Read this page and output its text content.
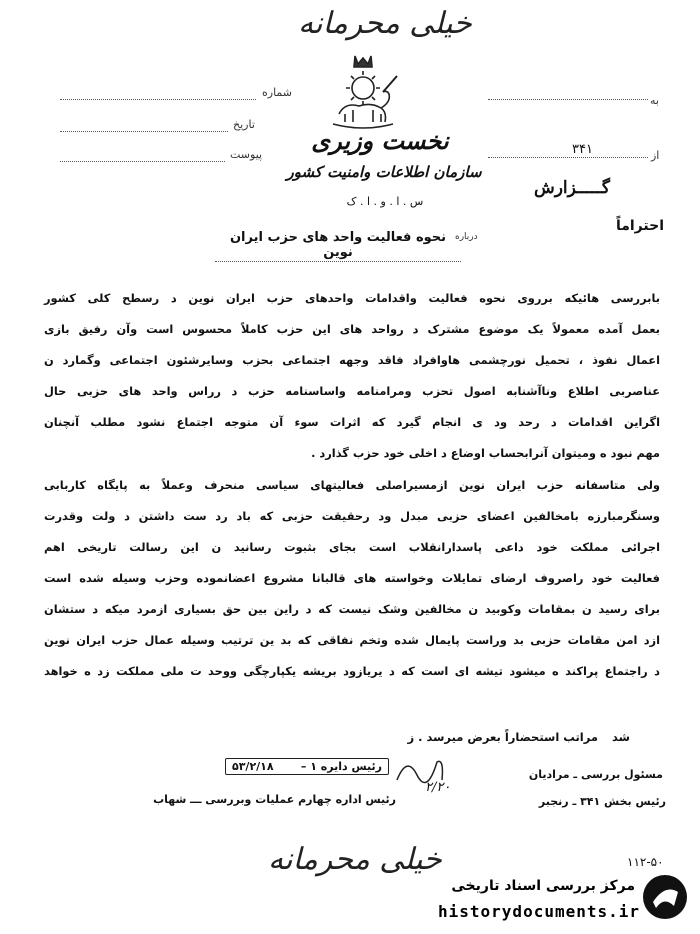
خیلی محرمانه
شماره
تاریخ
پیوست
به
از
۳۴۱
نخست وزیری
سازمان اطلاعات وامنیت کشور
س . ا . و . ا . ک
گـــــزارش
احتراماً
درباره
نحوه فعالیت واحد های حزب ایران نوین

بابررسی هائیکه برروی نحوه فعالیت واقدامات واحدهای حزب ایران نوین د رسطح کلی کشور

بعمل آمده معمولاً یک موضوع مشترک د رواحد های این حزب کاملاً محسوس است وآن رفیق بازی

اعمال نفوذ ، تحمیل نورچشمی هاوافراد فاقد وجهه اجتماعی بحزب وسایرشئون اجتماعی وگمارد ن

عناصربی اطلاع وناآشنابه اصول تحزب ومرامنامه واساسنامه حزب د رراس واحد های حزبی حال

اگراین اقدامات د رحد ود ی انجام گیرد که اثرات سوء آن متوجه اجتماع نشود مطلب آنچنان

مهم نبود ه ومیتوان آنرابحساب اوضاع د اخلی خود حزب گذارد .

ولی متاسفانه حزب ایران نوین ازمسیراصلی فعالیتهای سیاسی منحرف وعملاً به پایگاه کاربابی

وسنگرمبارزه بامخالفین اعضای حزبی مبدل ود رحقیقت حزبی که باد رد ست داشتن د ولت وقدرت

اجرائی مملکت خود داعی پاسدارانقلاب است بجای بثبوت رسانید ن این رسالت تاریخی اهم

فعالیت خود راصروف ارضای تمایلات وخواسته های قالبانا مشروع اعضانموده وحزب وسیله شده است

برای رسید ن بمقامات وکوبید ن مخالفین وشک نیست که د راین بین حق بسیاری ازمرد میکه د ستشان

ازد امن مقامات حزبی بد وراست پایمال شده وتخم نفاقی که بد ین ترتیب وسیله عمال حزب ایران نوین

د راجتماع پراکند ه میشود تیشه ای است که د یریازود بریشه یکپارچگی ووحد ت ملی مملکت زد ه خواهد

شد
مراتب استحضاراً بعرض میرسد . ز
رئیس دایره ۱ –
۵۳/۲/۱۸
مسئول بررسی ـ مرادیان
۲/۲۰
رئیس بخش ۳۴۱ ـ رنجبر
رئیس اداره چهارم عملیات وبررسی ـــ شهاب
۱۱۲-۵۰
خیلی محرمانه
مرکز بررسی اسناد تاریخی
historydocuments.ir
